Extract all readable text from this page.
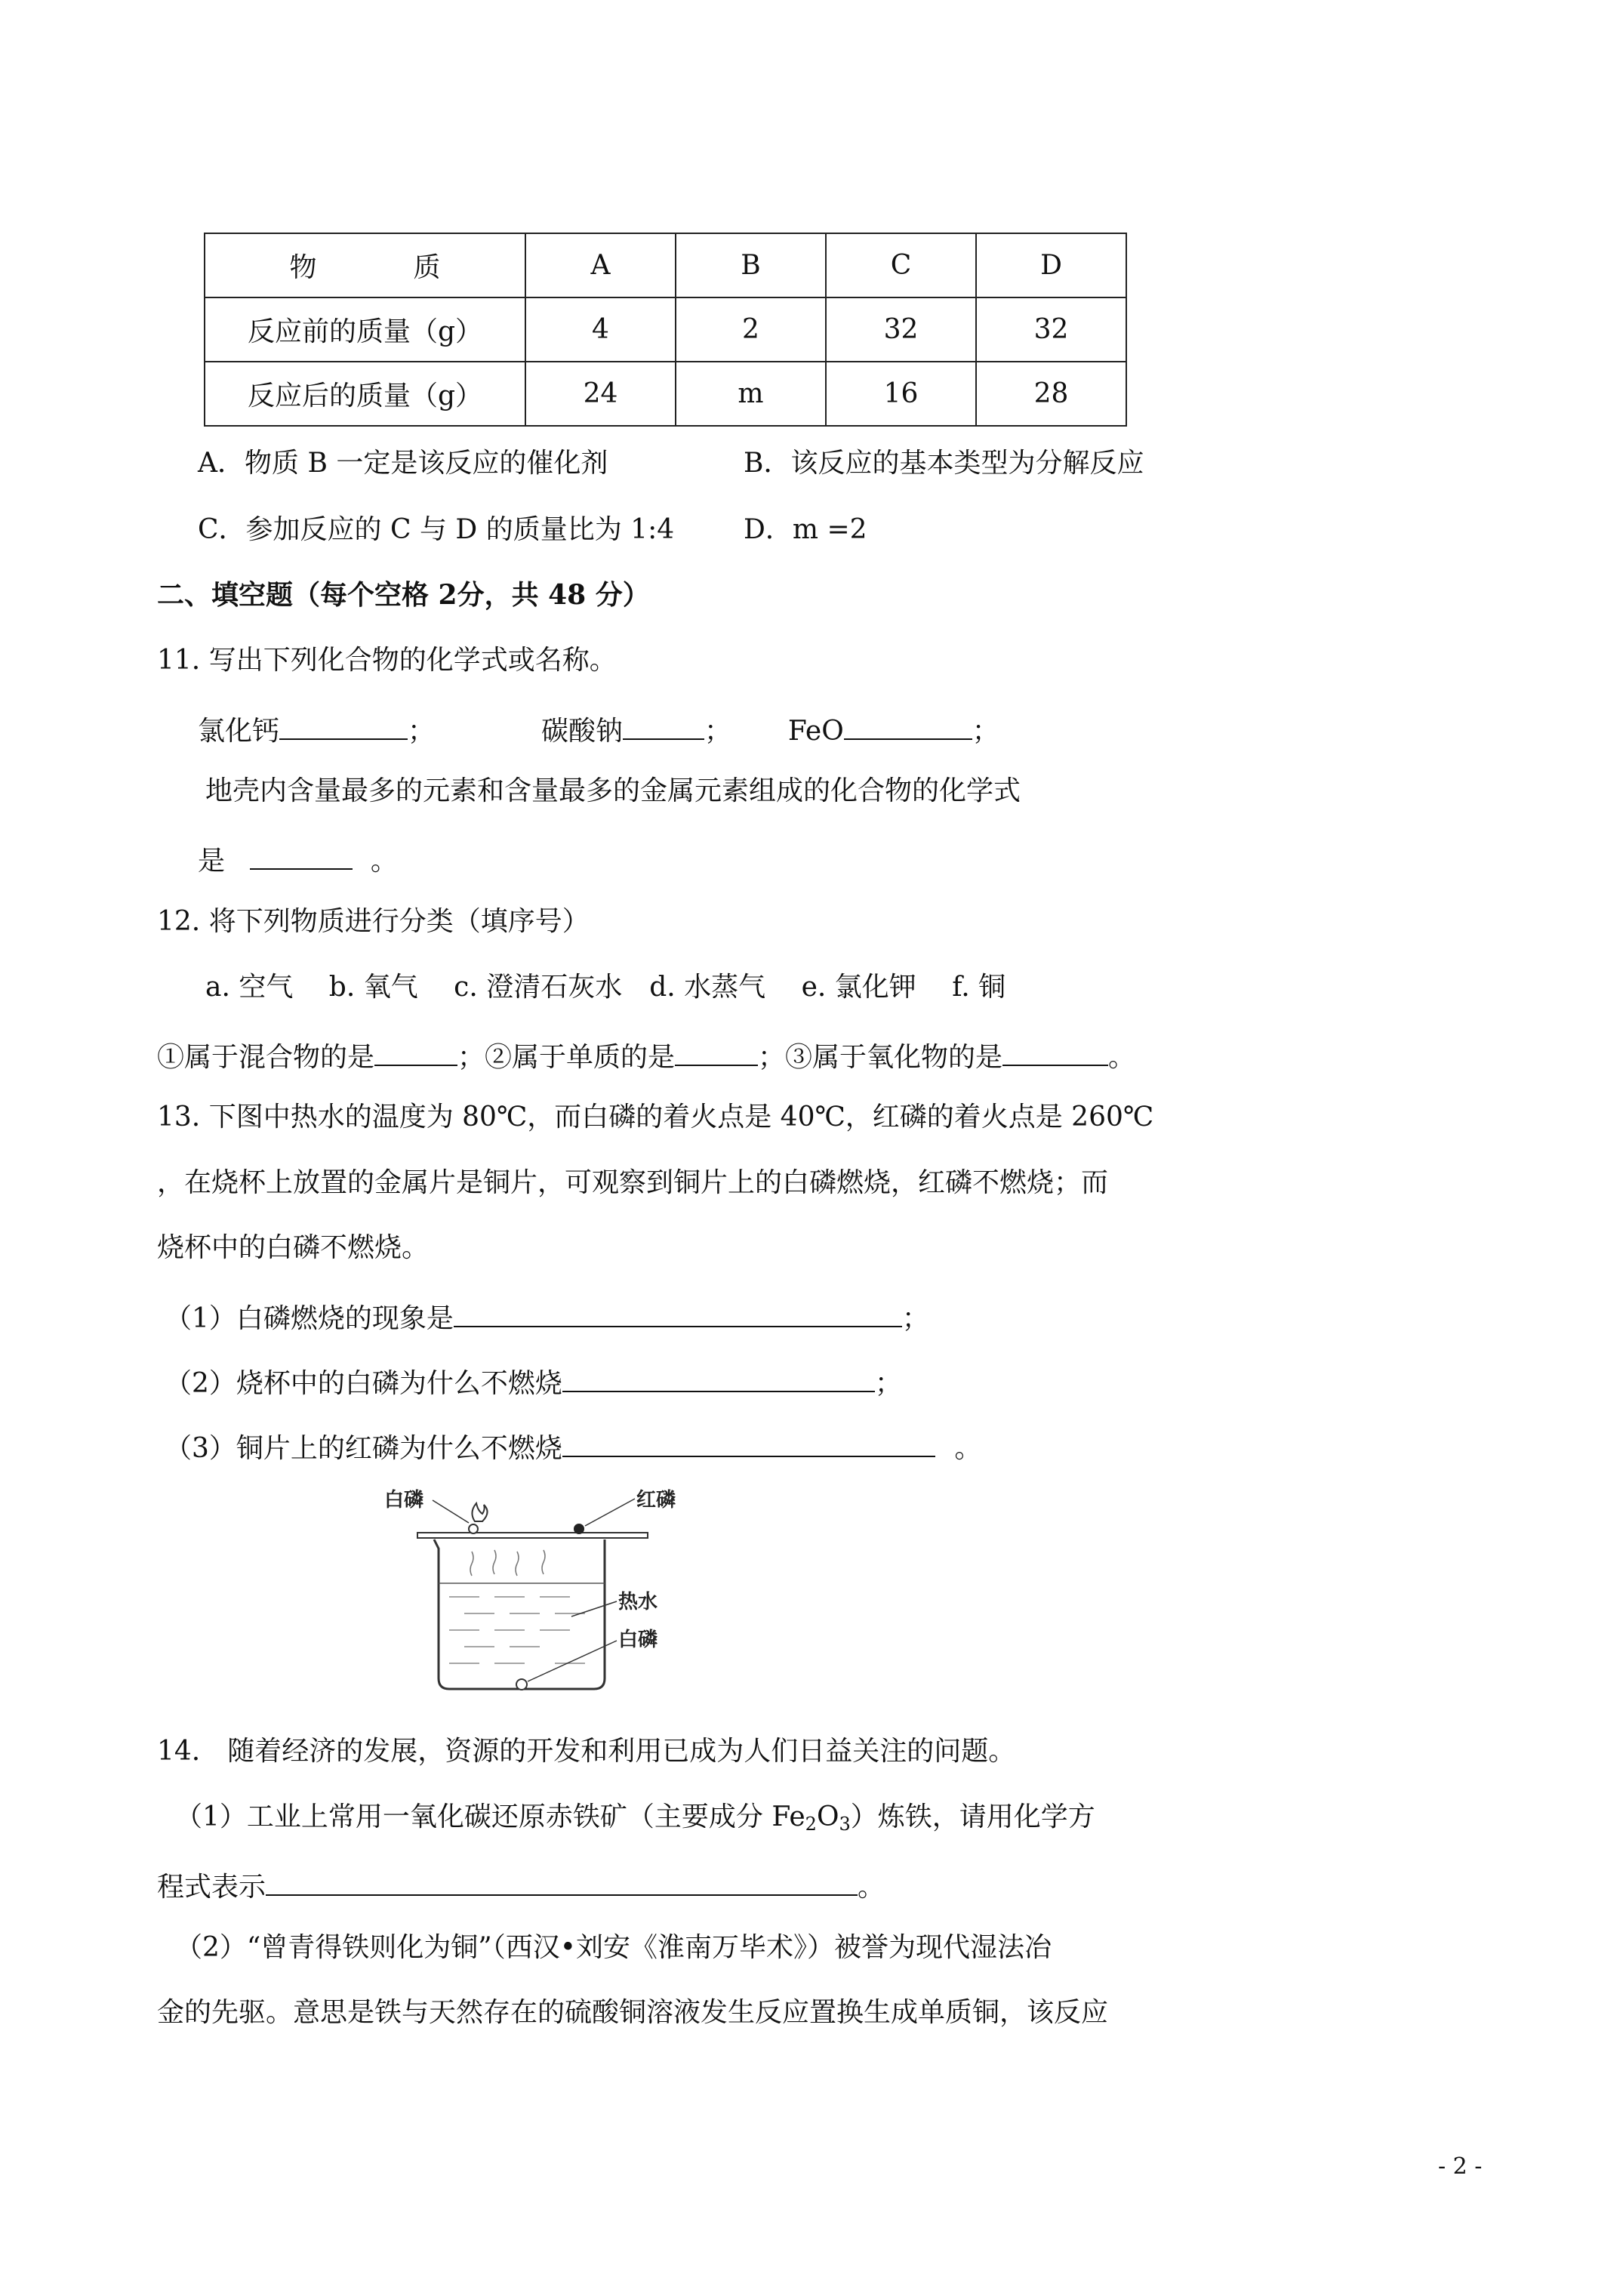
物　质	A	B	C	D
反应前的质量（g）	4	2	32	32
反应后的质量（g）	24	m	16	28
A．物质 B 一定是该反应的催化剂	B．该反应的基本类型为分解反应
C．参加反应的 C 与 D 的质量比为 1:4	D．m =2
二、填空题（每个空格 2分，共 48 分）
11. 写出下列化合物的化学式或名称。
氯化钙	；	碳酸钠	； FeO	；
地壳内含量最多的元素和含量最多的金属元素组成的化合物的化学式
是	。
12. 将下列物质进行分类（填序号）
a. 空气　 b. 氧气　 c. 澄清石灰水　d. 水蒸气　 e. 氯化钾　 f. 铜
①属于混合物的是	；②属于单质的是	；③属于氧化物的是	。
13. 下图中热水的温度为 80℃，而白磷的着火点是 40℃，红磷的着火点是 260℃
，在烧杯上放置的金属片是铜片，可观察到铜片上的白磷燃烧，红磷不燃烧；而
烧杯中的白磷不燃烧。
（1）白磷燃烧的现象是	；
（2）烧杯中的白磷为什么不燃烧	；
（3）铜片上的红磷为什么不燃烧	。
白磷	红磷
热水
白磷
14.　随着经济的发展，资源的开发和利用已成为人们日益关注的问题。
（1）工业上常用一氧化碳还原赤铁矿（主要成分 $Fe_2O_3$）炼铁，请用化学方
程式表示	。
（2）“曾青得铁则化为铜”（西汉•刘安《淮南万毕术》）被誉为现代湿法冶
金的先驱。意思是铁与天然存在的硫酸铜溶液发生反应置换生成单质铜，该反应
- 2 -
